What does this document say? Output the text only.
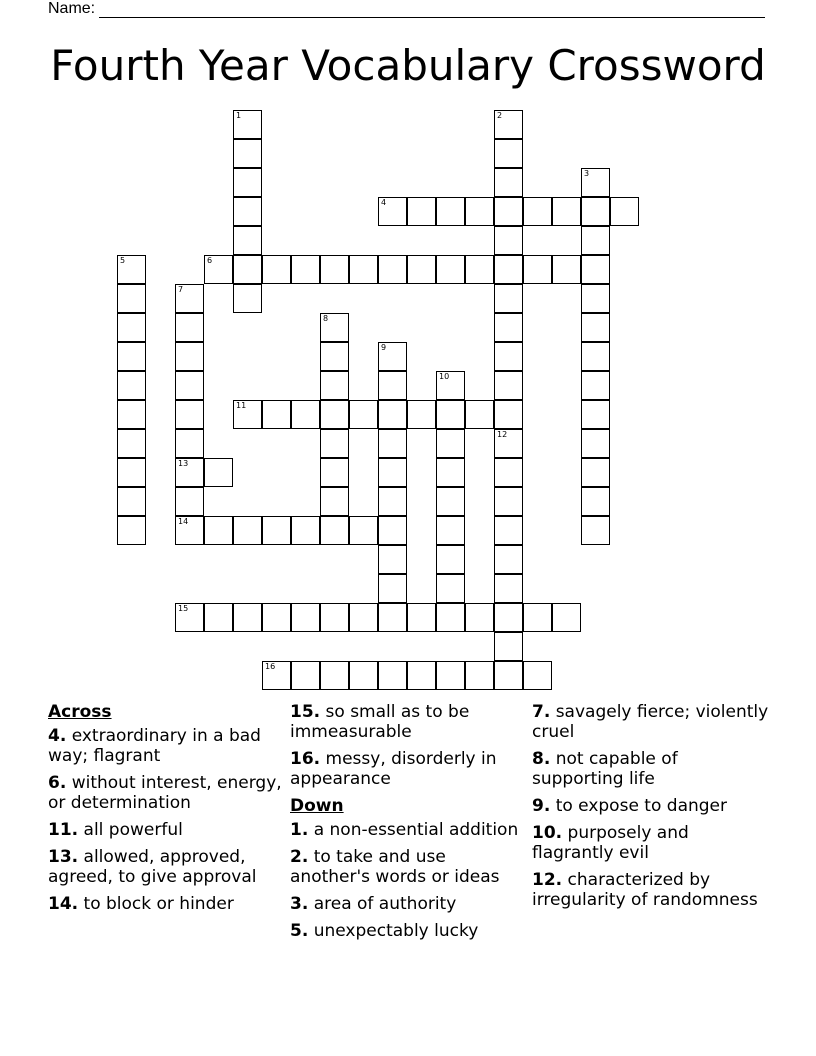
Name:
Fourth Year Vocabulary Crossword
1	2
3
4
5	6
7
13
14
8
9
10
11
12
15
16
Across
4. extraordinary in a bad way; flagrant
6. without interest, energy, or determination
11. all powerful
13. allowed, approved, agreed, to give approval
14. to block or hinder
15. so small as to be immeasurable
16. messy, disorderly in appearance
Down
1. a non-essential addition
2. to take and use another's words or ideas
3. area of authority
5. unexpectably lucky
7. savagely fierce; violently cruel
8. not capable of supporting life
9. to expose to danger
10. purposely and flagrantly evil
12. characterized by irregularity of randomness
